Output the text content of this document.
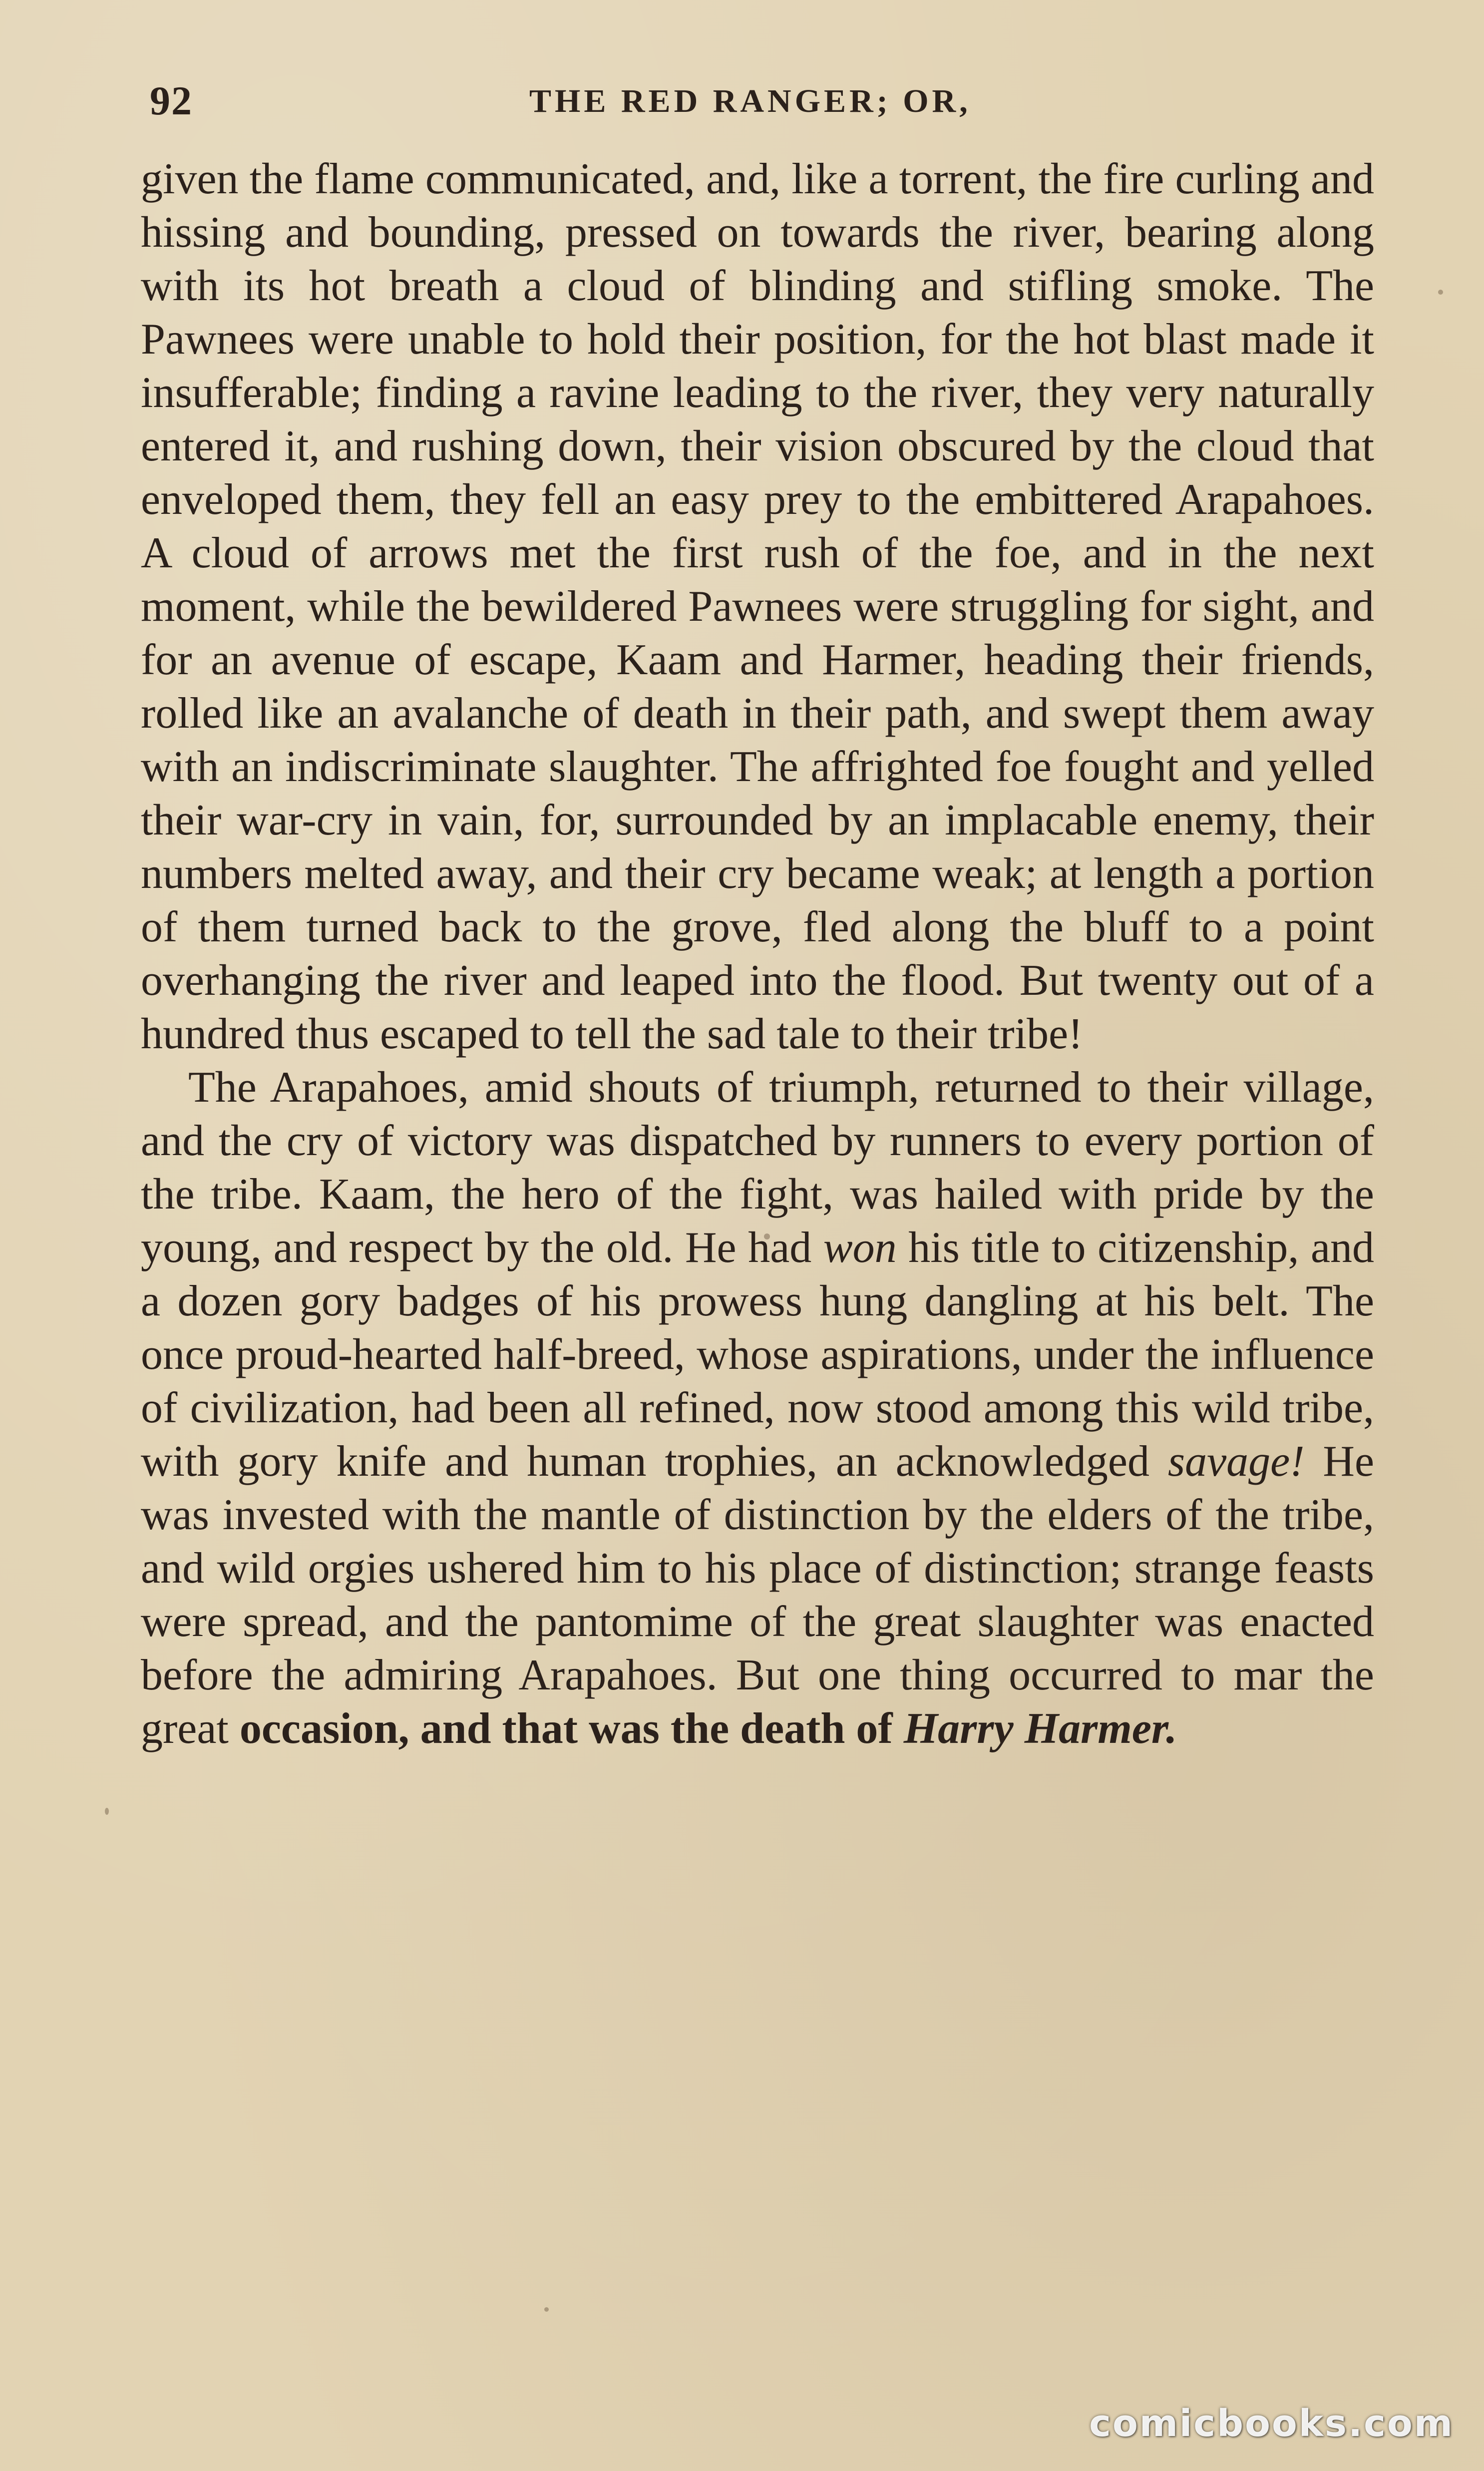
92	THE RED RANGER; OR,

given the flame communicated, and, like a torrent, the fire curling and hissing and bounding, pressed on towards the river, bearing along with its hot breath a cloud of blinding and stifling smoke. The Pawnees were unable to hold their position, for the hot blast made it insufferable; finding a ravine leading to the river, they very naturally entered it, and rushing down, their vision obscured by the cloud that enveloped them, they fell an easy prey to the embittered Arapahoes. A cloud of arrows met the first rush of the foe, and in the next moment, while the bewildered Pawnees were struggling for sight, and for an avenue of escape, Kaam and Harmer, heading their friends, rolled like an avalanche of death in their path, and swept them away with an indiscriminate slaughter. The affrighted foe fought and yelled their war-cry in vain, for, surrounded by an implacable enemy, their numbers melted away, and their cry became weak; at length a portion of them turned back to the grove, fled along the bluff to a point overhanging the river and leaped into the flood. But twenty out of a hundred thus escaped to tell the sad tale to their tribe!

The Arapahoes, amid shouts of triumph, returned to their village, and the cry of victory was dispatched by runners to every portion of the tribe. Kaam, the hero of the fight, was hailed with pride by the young, and respect by the old. He had won his title to citizenship, and a dozen gory badges of his prowess hung dangling at his belt. The once proud-hearted half-breed, whose aspirations, under the influence of civilization, had been all refined, now stood among this wild tribe, with gory knife and human trophies, an acknowledged savage! He was invested with the mantle of distinction by the elders of the tribe, and wild orgies ushered him to his place of distinction; strange feasts were spread, and the pantomime of the great slaughter was enacted before the admiring Arapahoes. But one thing occurred to mar the great occasion, and that was the death of Harry Harmer.

comicbooks.com
